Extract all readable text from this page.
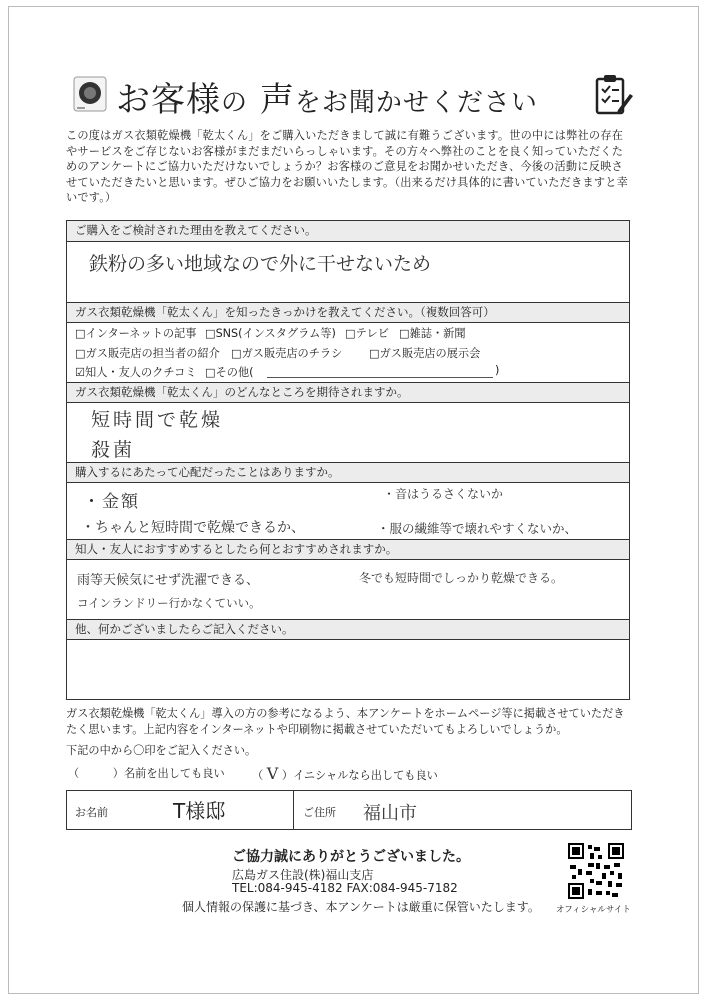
お客様の 声をお聞かせください
この度はガス衣類乾燥機「乾太くん」をご購入いただきまして誠に有難うございます。世の中には弊社の存在やサービスをご存じないお客様がまだまだいらっしゃいます。その方々へ弊社のことを良く知っていただくためのアンケートにご協力いただけないでしょうか？お客様のご意見をお聞かせいただき、今後の活動に反映させていただきたいと思います。ぜひご協力をお願いいたします。（出来るだけ具体的に書いていただきますと幸いです。）
ご購入をご検討された理由を教えてください。
鉄粉の多い地域なので外に干せないため
ガス衣類乾燥機「乾太くん」を知ったきっかけを教えてください。（複数回答可）
□インターネットの記事 □SNS(インスタグラム等) □テレビ □雑誌・新聞
□ガス販売店の担当者の紹介 □ガス販売店のチラシ □ガス販売店の展示会
☑知人・友人のクチコミ □その他(	)
ガス衣類乾燥機「乾太くん」のどんなところを期待されますか。
短時間で乾燥
殺菌
購入するにあたって心配だったことはありますか。
・金額	・音はうるさくないか
・ちゃんと短時間で乾燥できるか、	・服の繊維等で壊れやすくないか、
知人・友人におすすめするとしたら何とおすすめされますか。
雨等天候気にせず洗濯できる、	冬でも短時間でしっかり乾燥できる。
コインランドリー行かなくていい。
他、何かございましたらご記入ください。
ガス衣類乾燥機「乾太くん」導入の方の参考になるよう、本アンケートをホームページ等に掲載させていただきたく思います。上記内容をインターネットや印刷物に掲載させていただいてもよろしいでしょうか。
下記の中から〇印をご記入ください。
（　　　）名前を出しても良い （ V ）イニシャルなら出しても良い
お名前	T様邸	ご住所 福山市
ご協力誠にありがとうございました。
広島ガス住設(株)福山支店
TEL:084-945-4182 FAX:084-945-7182
個人情報の保護に基づき、本アンケートは厳重に保管いたします。 オフィシャルサイト
